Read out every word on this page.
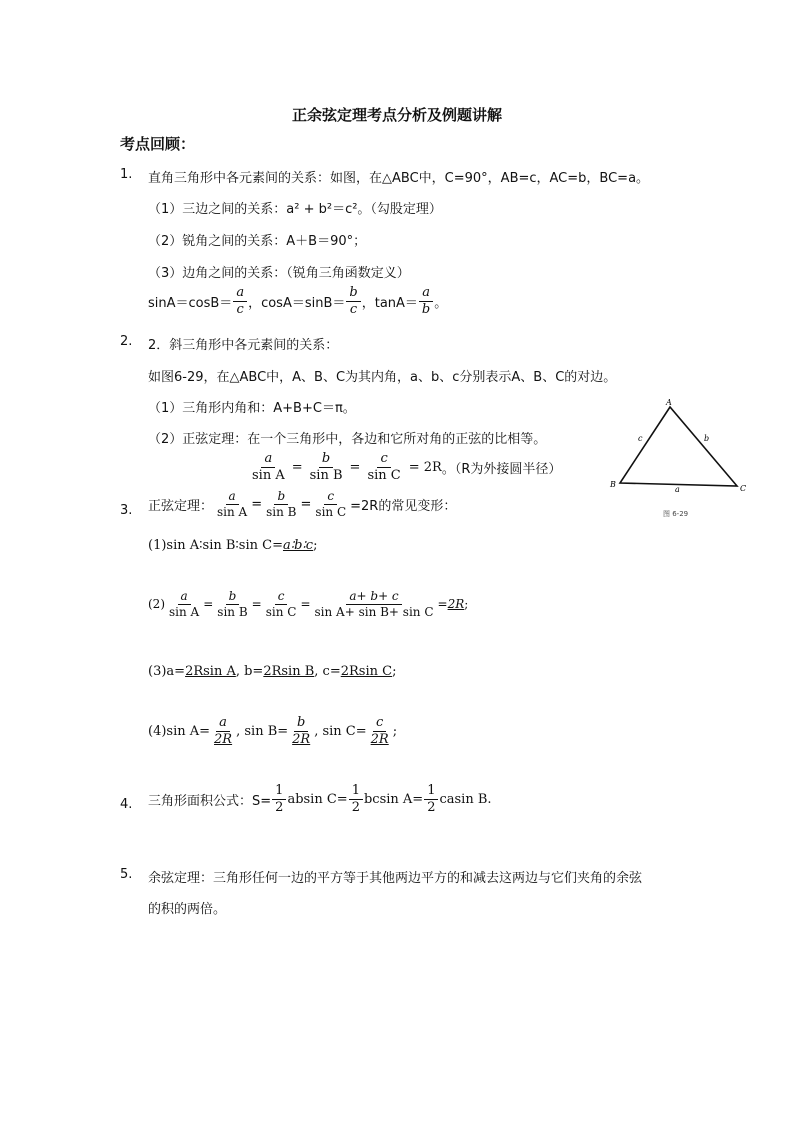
正余弦定理考点分析及例题讲解
考点回顾：
1. 直角三角形中各元素间的关系：如图，在△ABC中，C=90°，AB=c，AC=b，BC=a。
（1）三边之间的关系：a² + b²＝c²。（勾股定理）
（2）锐角之间的关系：A＋B＝90°；
（3）边角之间的关系：（锐角三角函数定义）
$\sin A=\cos B= \frac{a}{c}$ ，$\cos A=\sin B= \frac{b}{c}$ ，$\tan A= \frac{a}{b}$ 。
2. 2．斜三角形中各元素间的关系：
如图6-29，在△ABC中，A、B、C为其内角，a、b、c分别表示A、B、C的对边。
（1）三角形内角和：A+B+C＝π。
（2）正弦定理：在一个三角形中，各边和它所对角的正弦的比相等。
$\frac{a}{\text{sin A}} = \frac{b}{\text{sin B}} = \frac{c}{\text{sin C}} = 2R$ 。（R为外接圆半径）
A
B	C
c	b
a
图 6-29
3. 正弦定理： $\frac{a}{\text{sin A}} = \frac{b}{\text{sin B}} = \frac{c}{\text{sin C}} =2R$的常见变形：
(1)sin A∶sin B∶sin C=a∶b∶c;
$(2) \frac{a}{\text{sin A}} = \frac{b}{\text{sin B}} = \frac{c}{\text{sin C}} = \frac{a+ b+ c}{\text{sin A+ sin B+ sin C}} = 2R$ ;
(3)a=2Rsin A, b=2Rsin B, c=2Rsin C;
(4)sin $A= \frac{a}{2R}$ , $\sin B= \frac{b}{2R}$ , $\sin C= \frac{c}{2R}$ ;
4. 三角形面积公式：$S= \frac{1}{2}$ absin $C= \frac{1}{2}$ bcsin $A= \frac{1}{2}$ casin B.
5. 余弦定理：三角形任何一边的平方等于其他两边平方的和减去这两边与它们夹角的余弦
的积的两倍。
